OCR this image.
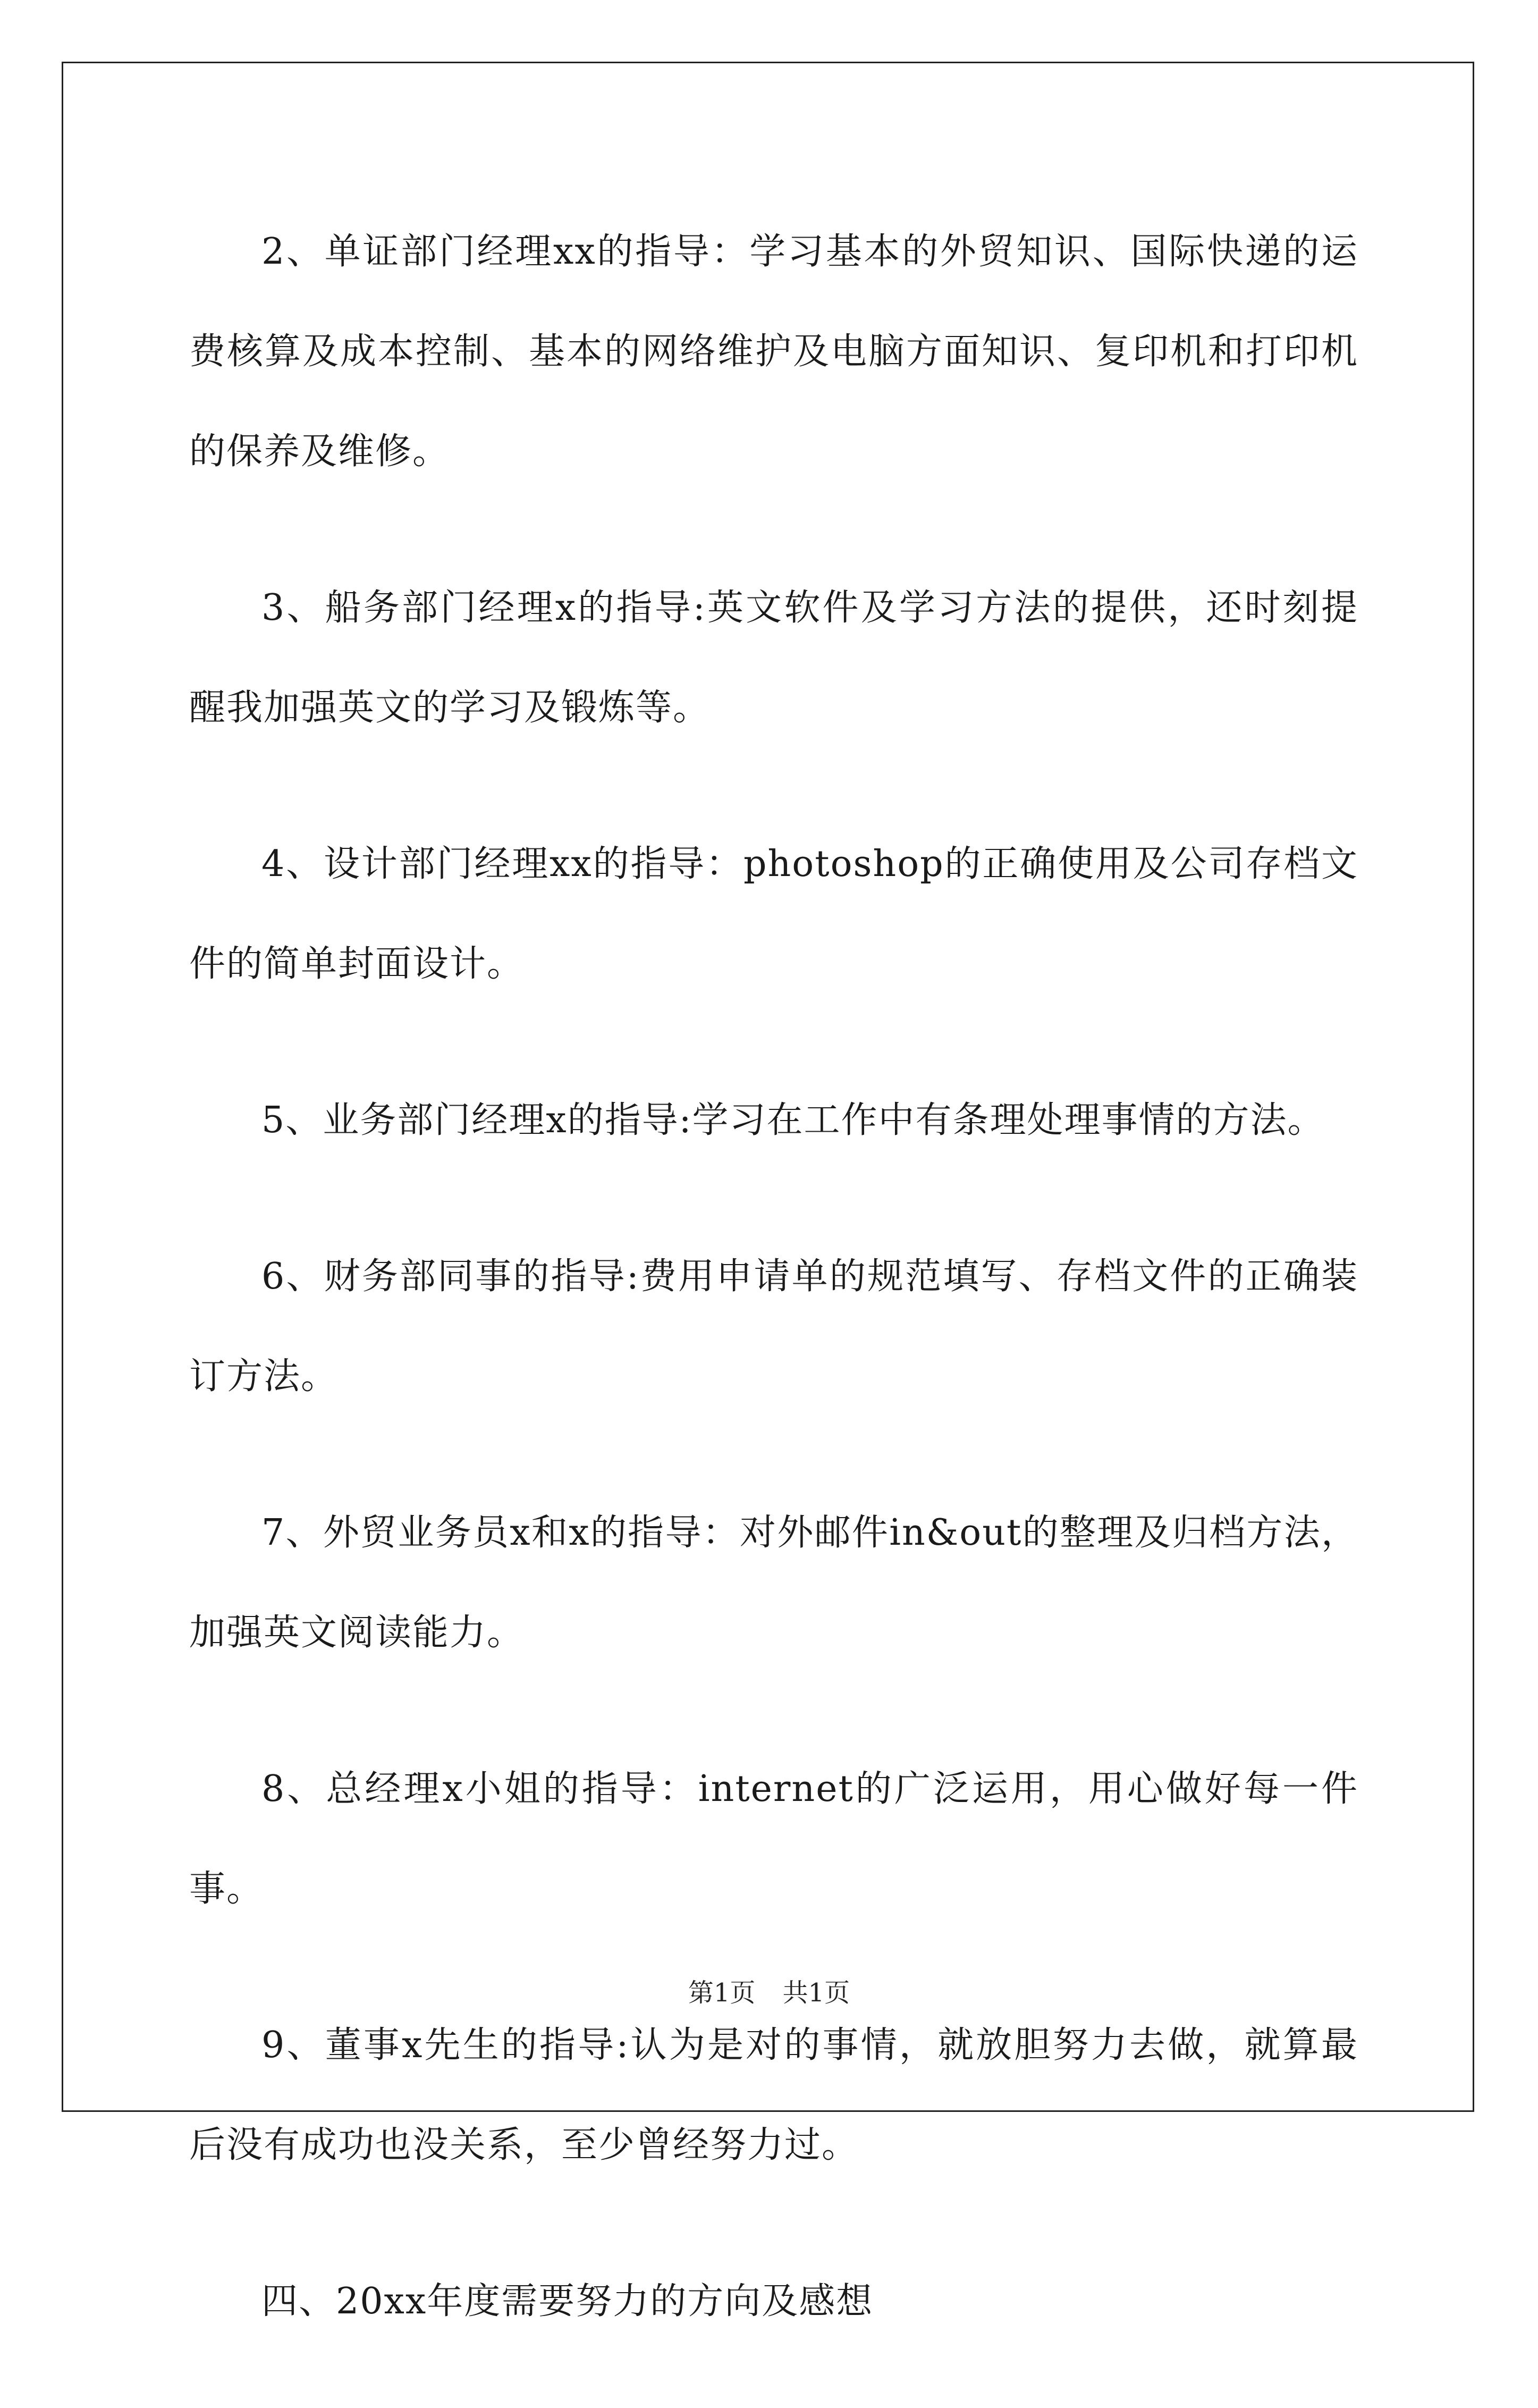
2、单证部门经理xx的指导：学习基本的外贸知识、国际快递的运费核算及成本控制、基本的网络维护及电脑方面知识、复印机和打印机的保养及维修。

3、船务部门经理x的指导:英文软件及学习方法的提供，还时刻提醒我加强英文的学习及锻炼等。

4、设计部门经理xx的指导：photoshop的正确使用及公司存档文件的简单封面设计。

5、业务部门经理x的指导:学习在工作中有条理处理事情的方法。

6、财务部同事的指导:费用申请单的规范填写、存档文件的正确装订方法。

7、外贸业务员x和x的指导：对外邮件in&out的整理及归档方法，加强英文阅读能力。

8、总经理x小姐的指导：internet的广泛运用，用心做好每一件事。

9、董事x先生的指导:认为是对的事情，就放胆努力去做，就算最后没有成功也没关系，至少曾经努力过。

四、20xx年度需要努力的方向及感想

第1页 共1页
